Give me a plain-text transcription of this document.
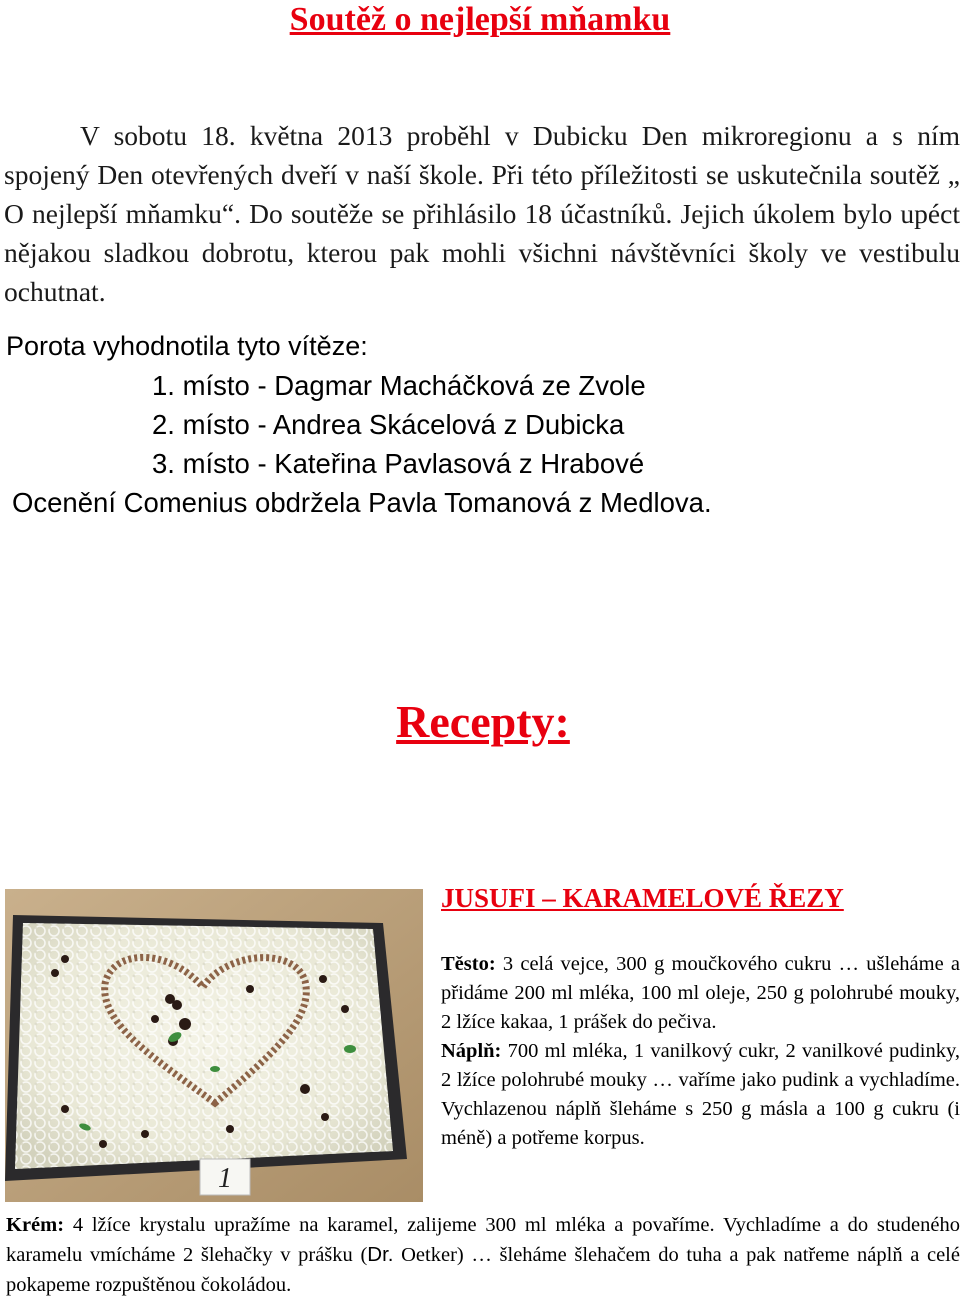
Soutěž o nejlepší mňamku

V sobotu 18. května 2013 proběhl v Dubicku Den mikroregionu a s ním spojený Den otevřených dveří v naší škole. Při této příležitosti se uskutečnila soutěž „ O nejlepší mňamku“. Do soutěže se přihlásilo 18 účastníků. Jejich úkolem bylo upéct nějakou sladkou dobrotu, kterou pak mohli všichni návštěvníci školy ve vestibulu ochutnat.

Porota vyhodnotila tyto vítěze:
1. místo - Dagmar Macháčková ze Zvole
2. místo - Andrea Skácelová z Dubicka
3. místo - Kateřina Pavlasová z Hrabové
Ocenění Comenius obdržela Pavla Tomanová z Medlova.
Recepty:
1
JUSUFI – KARAMELOVÉ ŘEZY

Těsto: 3 celá vejce, 300 g moučkového cukru … ušleháme a přidáme 200 ml mléka, 100 ml oleje, 250 g polohrubé mouky, 2 lžíce kakaa, 1 prášek do pečiva.

Náplň: 700 ml mléka, 1 vanilkový cukr, 2 vanilkové pudinky, 2 lžíce polohrubé mouky … vaříme jako pudink a vychladíme. Vychlazenou náplň šleháme s 250 g másla a 100 g cukru (i méně) a potřeme korpus.

Krém: 4 lžíce krystalu upražíme na karamel, zalijeme 300 ml mléka a povaříme. Vychladíme a do studeného karamelu vmícháme 2 šlehačky v prášku (Dr. Oetker) … šleháme šlehačem do tuha a pak natřeme náplň a celé pokapeme rozpuštěnou čokoládou.
